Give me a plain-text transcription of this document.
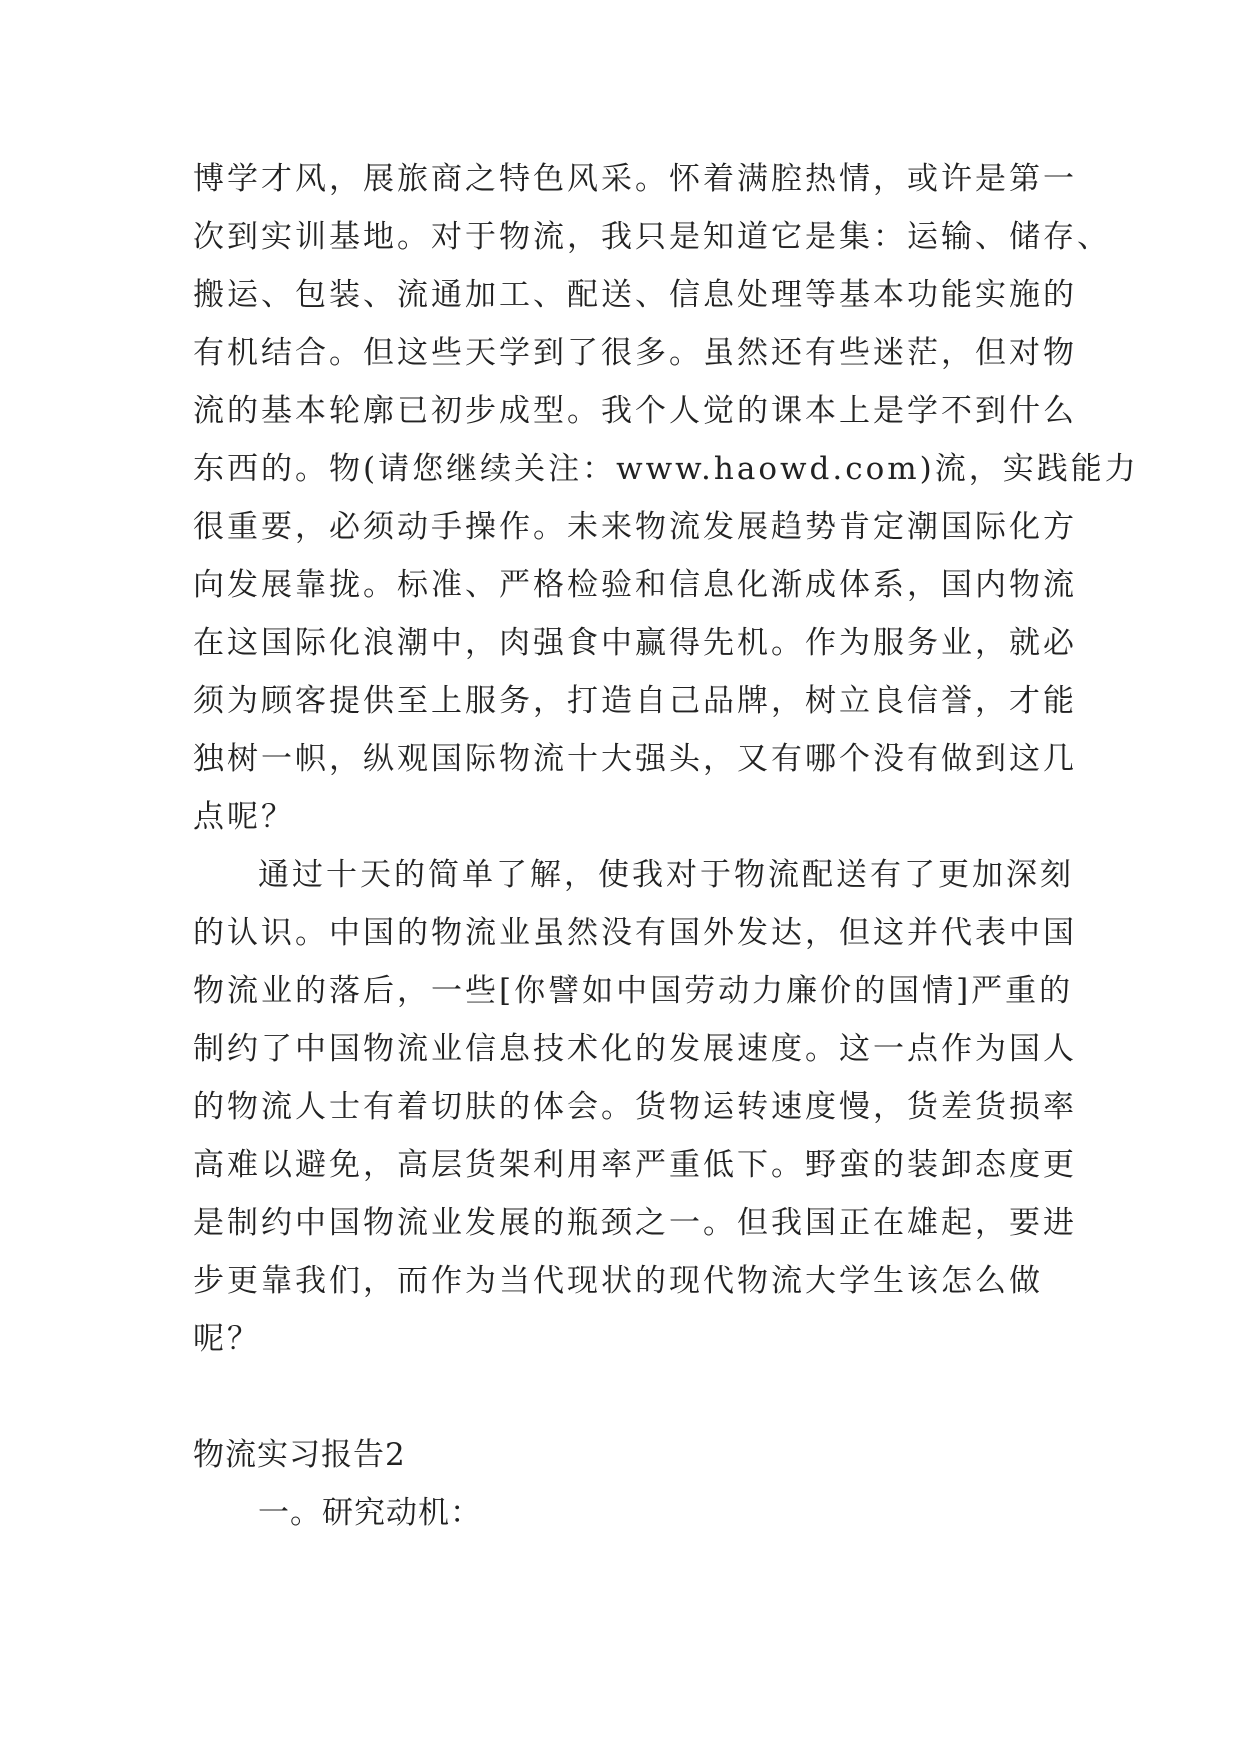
博学才风，展旅商之特色风采。怀着满腔热情，或许是第一
次到实训基地。对于物流，我只是知道它是集：运输、储存、
搬运、包装、流通加工、配送、信息处理等基本功能实施的
有机结合。但这些天学到了很多。虽然还有些迷茫，但对物
流的基本轮廓已初步成型。我个人觉的课本上是学不到什么
东西的。物(请您继续关注：www.haowd.com)流，实践能力
很重要，必须动手操作。未来物流发展趋势肯定潮国际化方
向发展靠拢。标准、严格检验和信息化渐成体系，国内物流
在这国际化浪潮中，肉强食中赢得先机。作为服务业，就必
须为顾客提供至上服务，打造自己品牌，树立良信誉，才能
独树一帜，纵观国际物流十大强头，又有哪个没有做到这几
点呢？
通过十天的简单了解，使我对于物流配送有了更加深刻
的认识。中国的物流业虽然没有国外发达，但这并代表中国
物流业的落后，一些[你譬如中国劳动力廉价的国情]严重的
制约了中国物流业信息技术化的发展速度。这一点作为国人
的物流人士有着切肤的体会。货物运转速度慢，货差货损率
高难以避免，高层货架利用率严重低下。野蛮的装卸态度更
是制约中国物流业发展的瓶颈之一。但我国正在雄起，要进
步更靠我们，而作为当代现状的现代物流大学生该怎么做
呢？
物流实习报告2
一。研究动机：
